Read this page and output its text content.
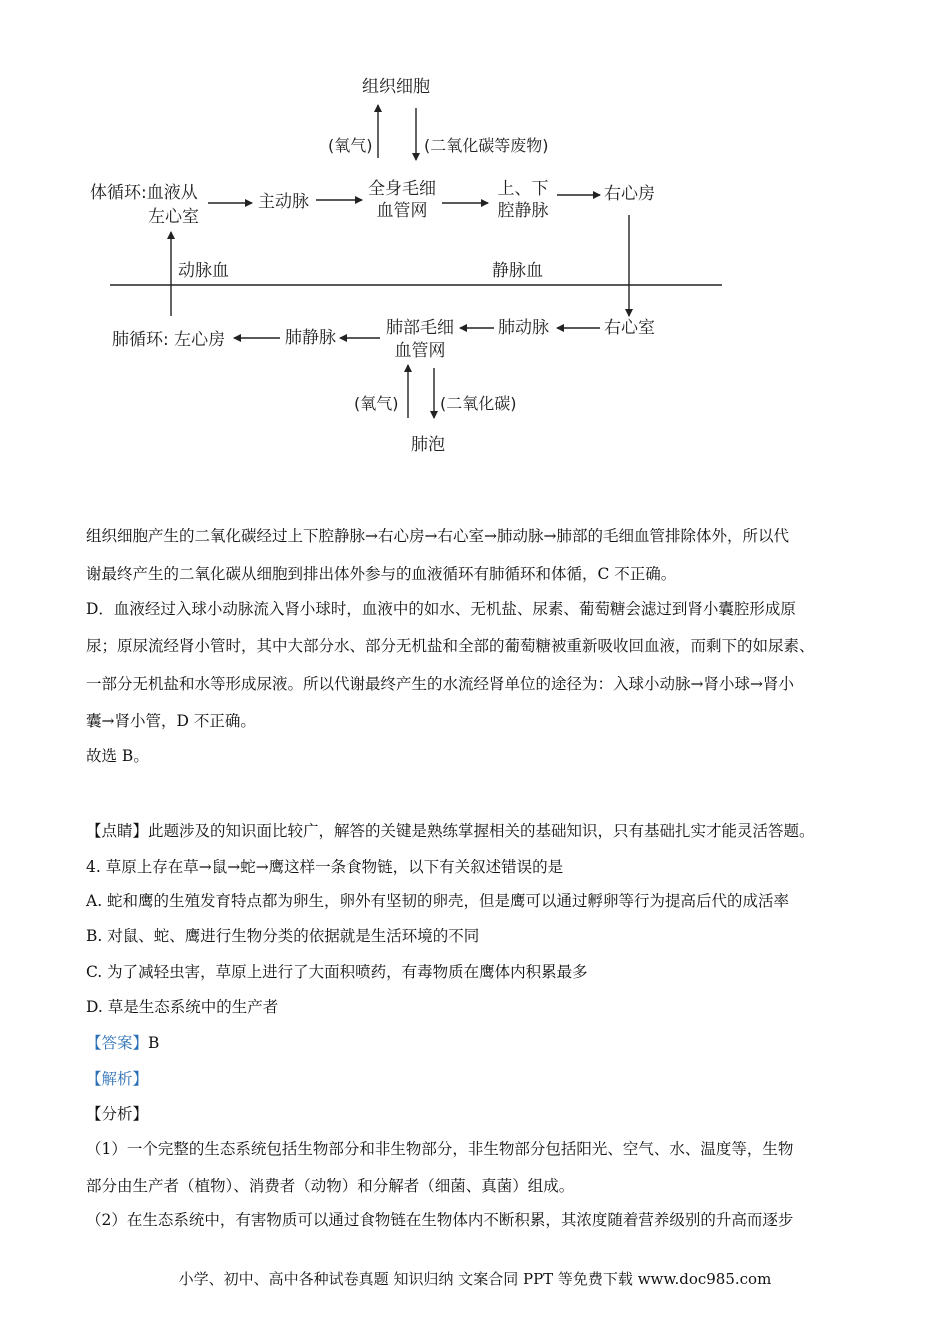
组织细胞
(氧气)	(二氧化碳等废物)
体循环:血液从
左心室
主动脉
全身毛细
血管网
上、下
腔静脉
右心房
动脉血	静脉血
肺循环: 左心房	肺静脉	肺部毛细
血管网
肺动脉	右心室
(氧气)	(二氧化碳)
肺泡
组织细胞产生的二氧化碳经过上下腔静脉→右心房→右心室→肺动脉→肺部的毛细血管排除体外，所以代
谢最终产生的二氧化碳从细胞到排出体外参与的血液循环有肺循环和体循，C 不正确。
D．血液经过入球小动脉流入肾小球时，血液中的如水、无机盐、尿素、葡萄糖会滤过到肾小囊腔形成原
尿；原尿流经肾小管时，其中大部分水、部分无机盐和全部的葡萄糖被重新吸收回血液，而剩下的如尿素、
一部分无机盐和水等形成尿液。所以代谢最终产生的水流经肾单位的途径为：入球小动脉→肾小球→肾小
囊→肾小管，D 不正确。
故选 B。
【点睛】此题涉及的知识面比较广，解答的关键是熟练掌握相关的基础知识，只有基础扎实才能灵活答题。
4. 草原上存在草→鼠→蛇→鹰这样一条食物链，以下有关叙述错误的是
A. 蛇和鹰的生殖发育特点都为卵生，卵外有坚韧的卵壳，但是鹰可以通过孵卵等行为提高后代的成活率
B. 对鼠、蛇、鹰进行生物分类的依据就是生活环境的不同
C. 为了减轻虫害，草原上进行了大面积喷药，有毒物质在鹰体内积累最多
D. 草是生态系统中的生产者
【答案】B
【解析】
【分析】
（1）一个完整的生态系统包括生物部分和非生物部分，非生物部分包括阳光、空气、水、温度等，生物
部分由生产者（植物）、消费者（动物）和分解者（细菌、真菌）组成。
（2）在生态系统中，有害物质可以通过食物链在生物体内不断积累，其浓度随着营养级别的升高而逐步
小学、初中、高中各种试卷真题 知识归纳 文案合同 PPT 等免费下载 www.doc985.com
